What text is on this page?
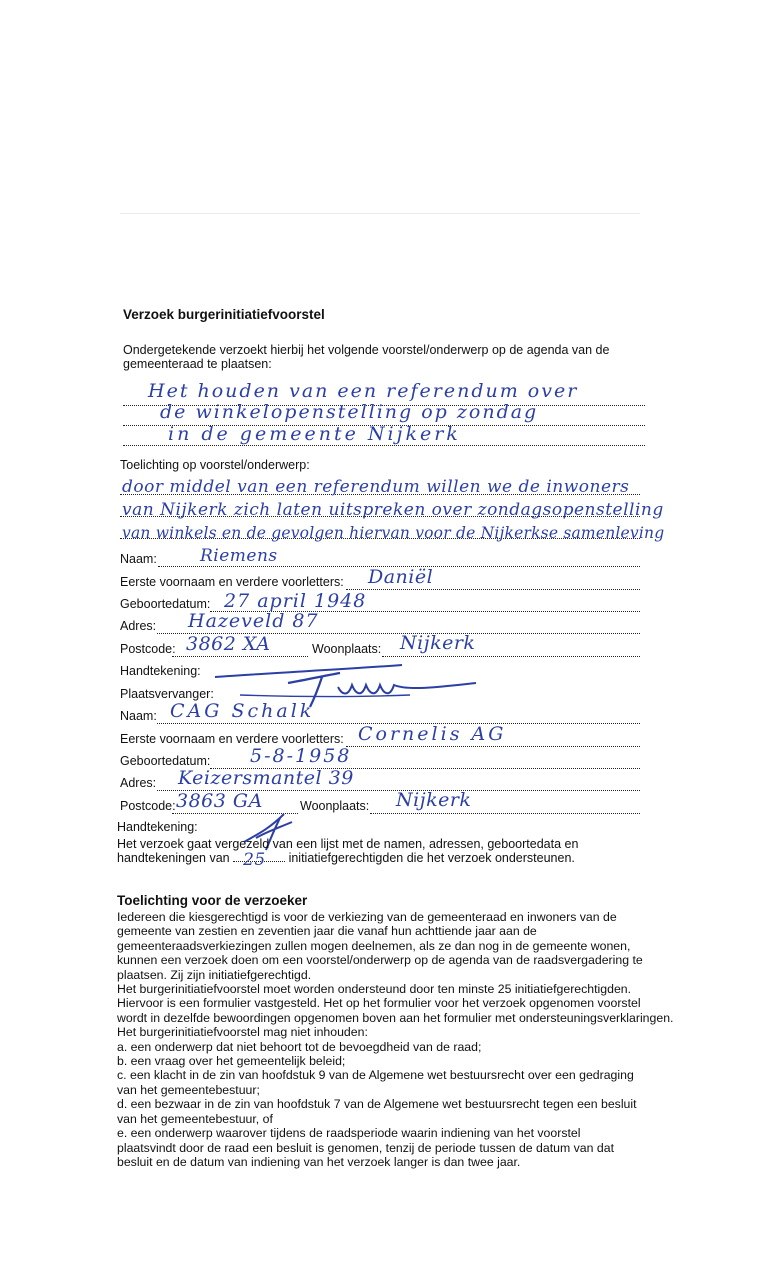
Verzoek burgerinitiatiefvoorstel
Ondergetekende verzoekt hierbij het volgende voorstel/onderwerp op de agenda van de
gemeenteraad te plaatsen:
Het houden van een referendum over
de winkelopenstelling op zondag
in de gemeente Nijkerk
Toelichting op voorstel/onderwerp:
door middel van een referendum willen we de inwoners
van Nijkerk zich laten uitspreken over zondagsopenstelling
van winkels en de gevolgen hiervan voor de Nijkerkse samenleving
Naam:	Riemens
Eerste voornaam en verdere voorletters: Daniël
Geboortedatum: 27 april 1948
Adres: Hazeveld 87
Postcode: 3862 XA	Woonplaats: Nijkerk
Handtekening:
Plaatsvervanger:
Naam: CAG Schalk
Eerste voornaam en verdere voorletters: Cornelis AG
Geboortedatum: 5-8-1958
Adres: Keizersmantel 39
Postcode: 3863 GA	Woonplaats: Nijkerk
Handtekening:
Het verzoek gaat vergezeld van een lijst met de namen, adressen, geboortedata en
handtekeningen van 25 initiatiefgerechtigden die het verzoek ondersteunen.
Toelichting voor de verzoeker
Iedereen die kiesgerechtigd is voor de verkiezing van de gemeenteraad en inwoners van de
gemeente van zestien en zeventien jaar die vanaf hun achttiende jaar aan de
gemeenteraadsverkiezingen zullen mogen deelnemen, als ze dan nog in de gemeente wonen,
kunnen een verzoek doen om een voorstel/onderwerp op de agenda van de raadsvergadering te
plaatsen. Zij zijn initiatiefgerechtigd.
Het burgerinitiatiefvoorstel moet worden ondersteund door ten minste 25 initiatiefgerechtigden.
Hiervoor is een formulier vastgesteld. Het op het formulier voor het verzoek opgenomen voorstel
wordt in dezelfde bewoordingen opgenomen boven aan het formulier met ondersteuningsverklaringen.
Het burgerinitiatiefvoorstel mag niet inhouden:
a. een onderwerp dat niet behoort tot de bevoegdheid van de raad;
b. een vraag over het gemeentelijk beleid;
c. een klacht in de zin van hoofdstuk 9 van de Algemene wet bestuursrecht over een gedraging
van het gemeentebestuur;
d. een bezwaar in de zin van hoofdstuk 7 van de Algemene wet bestuursrecht tegen een besluit
van het gemeentebestuur, of
e. een onderwerp waarover tijdens de raadsperiode waarin indiening van het voorstel
plaatsvindt door de raad een besluit is genomen, tenzij de periode tussen de datum van dat
besluit en de datum van indiening van het verzoek langer is dan twee jaar.
